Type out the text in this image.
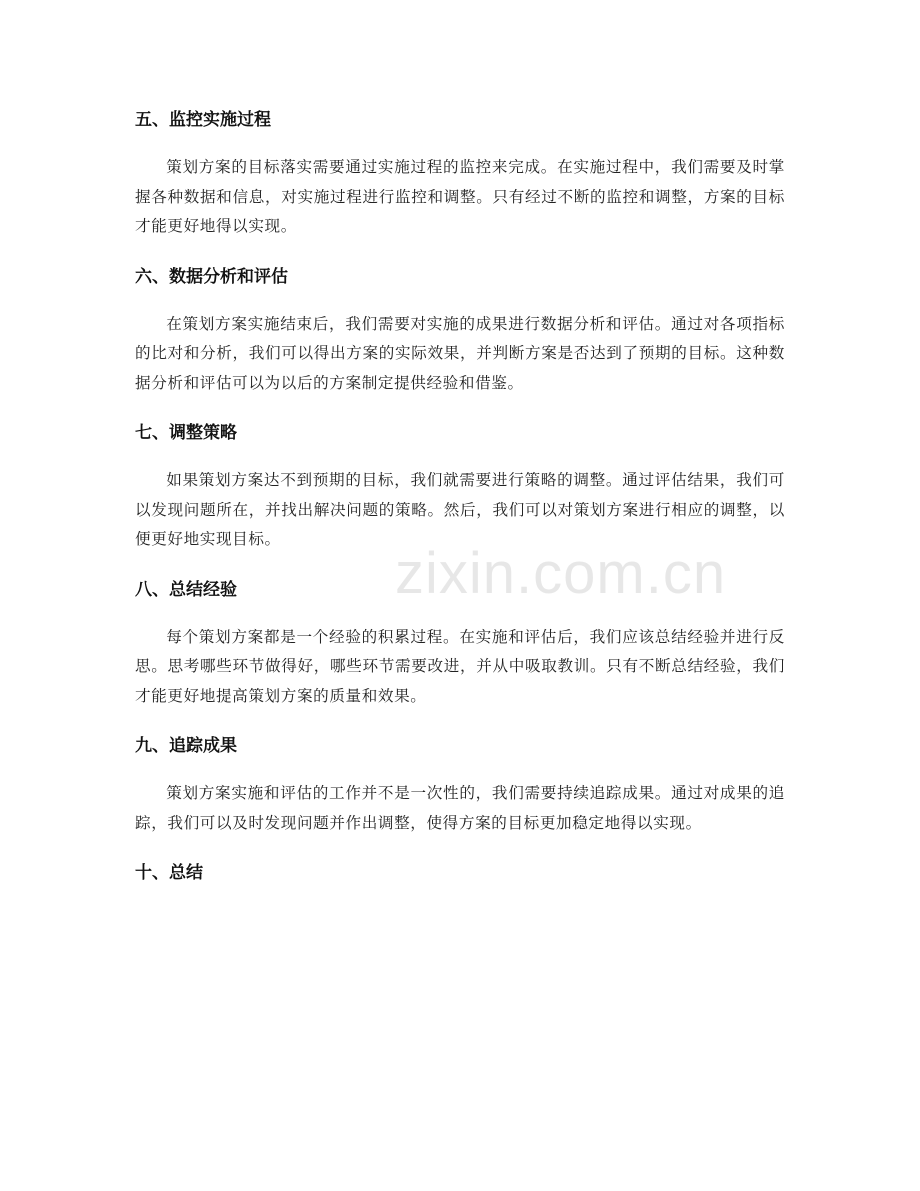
五、监控实施过程

策划方案的目标落实需要通过实施过程的监控来完成。在实施过程中，我们需要及时掌握各种数据和信息，对实施过程进行监控和调整。只有经过不断的监控和调整，方案的目标才能更好地得以实现。

六、数据分析和评估

在策划方案实施结束后，我们需要对实施的成果进行数据分析和评估。通过对各项指标的比对和分析，我们可以得出方案的实际效果，并判断方案是否达到了预期的目标。这种数据分析和评估可以为以后的方案制定提供经验和借鉴。

七、调整策略

如果策划方案达不到预期的目标，我们就需要进行策略的调整。通过评估结果，我们可以发现问题所在，并找出解决问题的策略。然后，我们可以对策划方案进行相应的调整，以便更好地实现目标。

八、总结经验

每个策划方案都是一个经验的积累过程。在实施和评估后，我们应该总结经验并进行反思。思考哪些环节做得好，哪些环节需要改进，并从中吸取教训。只有不断总结经验，我们才能更好地提高策划方案的质量和效果。

九、追踪成果

策划方案实施和评估的工作并不是一次性的，我们需要持续追踪成果。通过对成果的追踪，我们可以及时发现问题并作出调整，使得方案的目标更加稳定地得以实现。

十、总结
zixin.com.cn
